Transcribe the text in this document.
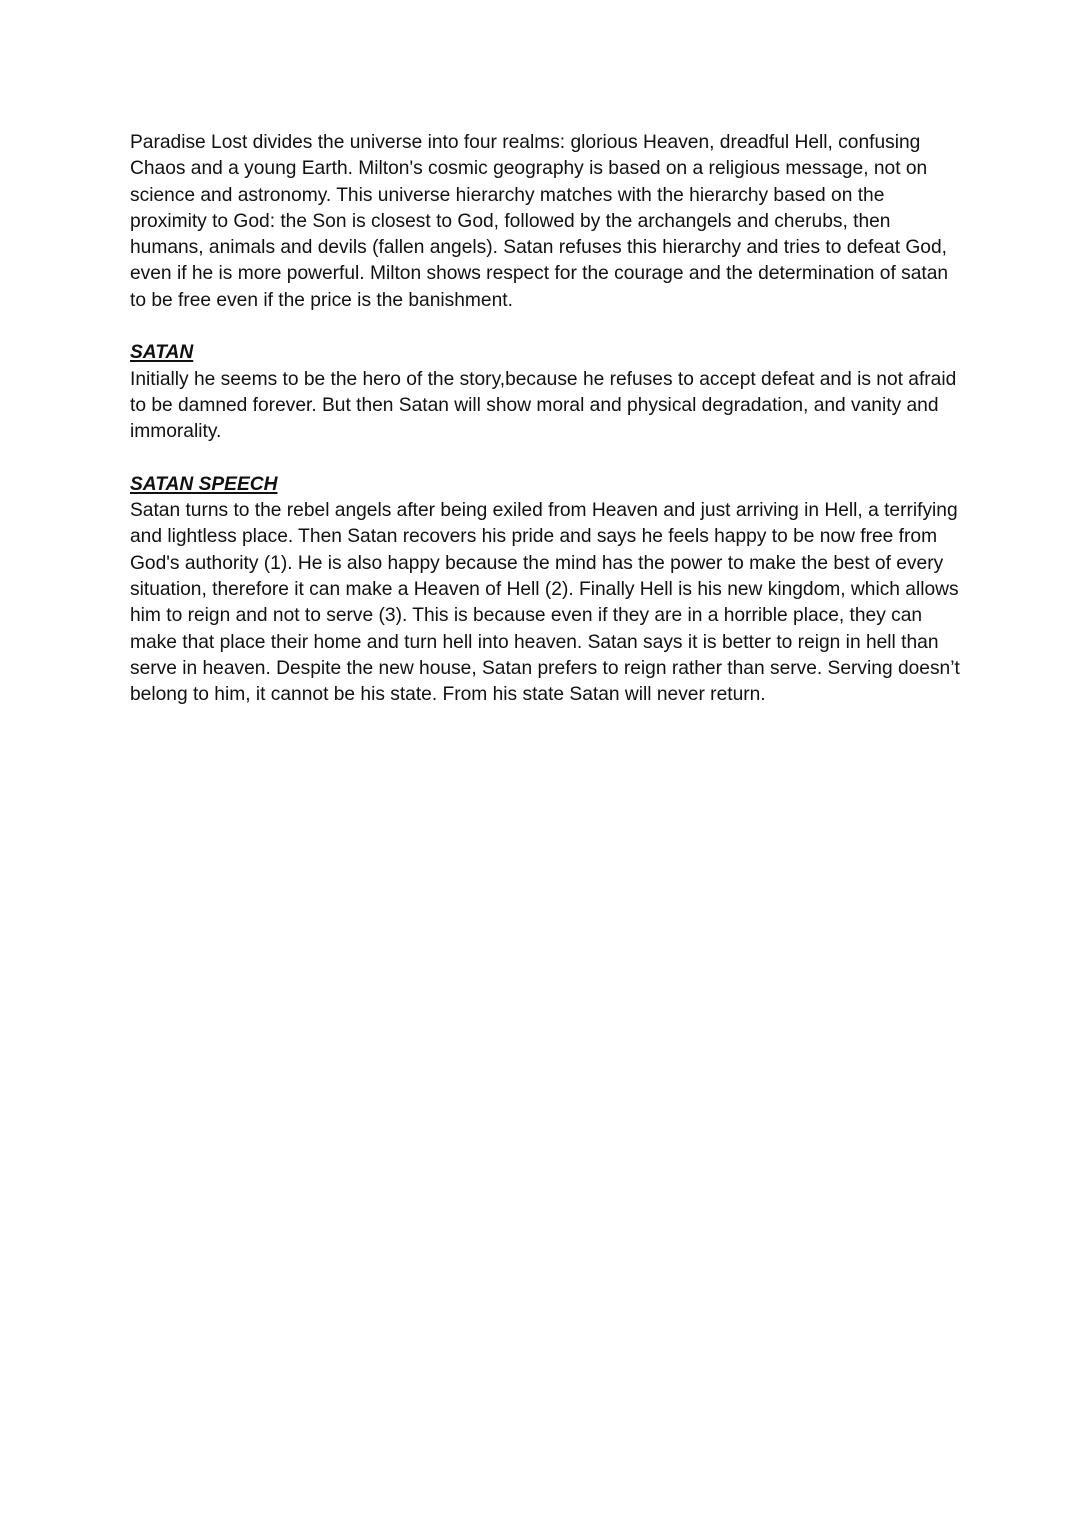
Paradise Lost divides the universe into four realms: glorious Heaven, dreadful Hell, confusing Chaos and a young Earth. Milton's cosmic geography is based on a religious message, not on science and astronomy. This universe hierarchy matches with the hierarchy based on the proximity to God: the Son is closest to God, followed by the archangels and cherubs, then humans, animals and devils (fallen angels). Satan refuses this hierarchy and tries to defeat God, even if he is more powerful. Milton shows respect for the courage and the determination of satan to be free even if the price is the banishment.

SATAN

Initially he seems to be the hero of the story,because he refuses to accept defeat and is not afraid to be damned forever. But then Satan will show moral and physical degradation, and vanity and immorality.

SATAN SPEECH

Satan turns to the rebel angels after being exiled from Heaven and just arriving in Hell, a terrifying and lightless place. Then Satan recovers his pride and says he feels happy to be now free from God's authority (1). He is also happy because the mind has the power to make the best of every situation, therefore it can make a Heaven of Hell (2). Finally Hell is his new kingdom, which allows him to reign and not to serve (3). This is because even if they are in a horrible place, they can make that place their home and turn hell into heaven. Satan says it is better to reign in hell than serve in heaven. Despite the new house, Satan prefers to reign rather than serve. Serving doesn’t belong to him, it cannot be his state. From his state Satan will never return.
